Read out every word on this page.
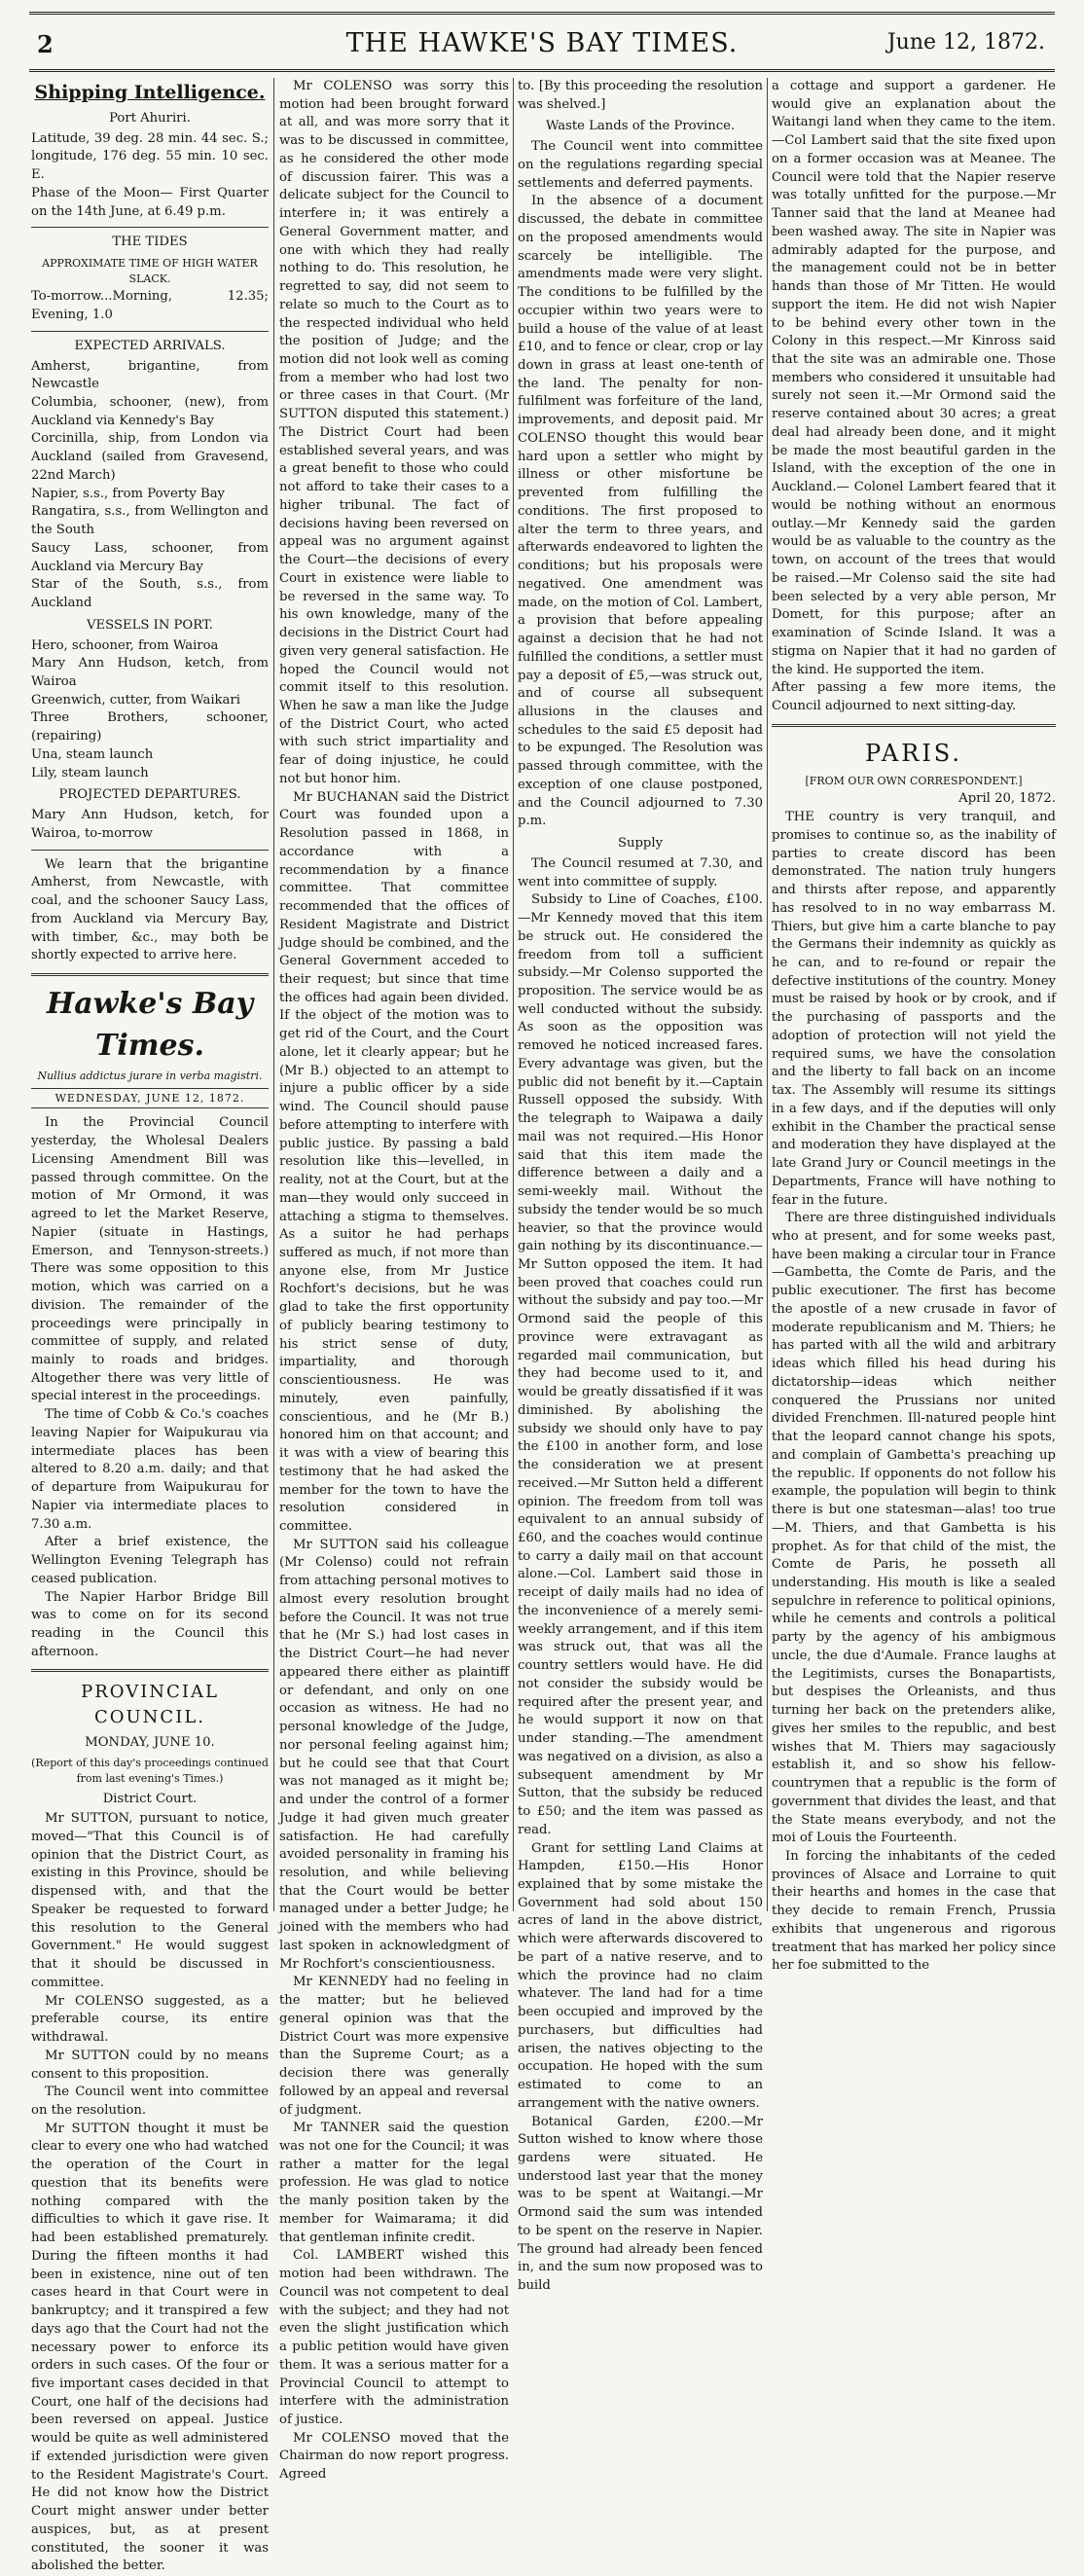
2	THE HAWKE'S BAY TIMES.	June 12, 1872.
Shipping Intelligence.
Port Ahuriri.

Latitude, 39 deg. 28 min. 44 sec. S.; longitude, 176 deg. 55 min. 10 sec. E.

Phase of the Moon— First Quarter on the 14th June, at 6.49 p.m.

THE TIDES
APPROXIMATE TIME OF HIGH WATER SLACK.

To-morrow...Morning, 12.35; Evening, 1.0

EXPECTED ARRIVALS.

Amherst, brigantine, from Newcastle

Columbia, schooner, (new), from Auckland via Kennedy's Bay

Corcinilla, ship, from London via Auckland (sailed from Gravesend, 22nd March)

Napier, s.s., from Poverty Bay

Rangatira, s.s., from Wellington and the South

Saucy Lass, schooner, from Auckland via Mercury Bay

Star of the South, s.s., from Auckland

VESSELS IN PORT.

Hero, schooner, from Wairoa

Mary Ann Hudson, ketch, from Wairoa

Greenwich, cutter, from Waikari

Three Brothers, schooner, (repairing)

Una, steam launch

Lily, steam launch

PROJECTED DEPARTURES.

Mary Ann Hudson, ketch, for Wairoa, to-morrow

We learn that the brigantine Amherst, from Newcastle, with coal, and the schooner Saucy Lass, from Auckland via Mercury Bay, with timber, &c., may both be shortly expected to arrive here.

Hawke's Bay Times.
Nullius addictus jurare in verba magistri.
WEDNESDAY, JUNE 12, 1872.

In the Provincial Council yesterday, the Wholesal Dealers Licensing Amendment Bill was passed through committee. On the motion of Mr Ormond, it was agreed to let the Market Reserve, Napier (situate in Hastings, Emerson, and Tennyson-streets.) There was some opposition to this motion, which was carried on a division. The remainder of the proceedings were principally in committee of supply, and related mainly to roads and bridges. Altogether there was very little of special interest in the proceedings.

The time of Cobb & Co.'s coaches leaving Napier for Waipukurau via intermediate places has been altered to 8.20 a.m. daily; and that of departure from Waipukurau for Napier via intermediate places to 7.30 a.m.

After a brief existence, the Wellington Evening Telegraph has ceased publication.

The Napier Harbor Bridge Bill was to come on for its second reading in the Council this afternoon.

PROVINCIAL COUNCIL.
MONDAY, JUNE 10.
(Report of this day's proceedings continued from last evening's Times.)
District Court.

Mr SUTTON, pursuant to notice, moved—"That this Council is of opinion that the District Court, as existing in this Province, should be dispensed with, and that the Speaker be requested to forward this resolution to the General Government." He would suggest that it should be discussed in committee.

Mr COLENSO suggested, as a preferable course, its entire withdrawal.

Mr SUTTON could by no means consent to this proposition.

The Council went into committee on the resolution.

Mr SUTTON thought it must be clear to every one who had watched the operation of the Court in question that its benefits were nothing compared with the difficulties to which it gave rise. It had been established prematurely. During the fifteen months it had been in existence, nine out of ten cases heard in that Court were in bankruptcy; and it transpired a few days ago that the Court had not the necessary power to enforce its orders in such cases. Of the four or five important cases decided in that Court, one half of the decisions had been reversed on appeal. Justice would be quite as well administered if extended jurisdiction were given to the Resident Magistrate's Court. He did not know how the District Court might answer under better auspices, but, as at present constituted, the sooner it was abolished the better.

Mr COLENSO was sorry this motion had been brought forward at all, and was more sorry that it was to be discussed in committee, as he considered the other mode of discussion fairer. This was a delicate subject for the Council to interfere in; it was entirely a General Government matter, and one with which they had really nothing to do. This resolution, he regretted to say, did not seem to relate so much to the Court as to the respected individual who held the position of Judge; and the motion did not look well as coming from a member who had lost two or three cases in that Court. (Mr SUTTON disputed this statement.) The District Court had been established several years, and was a great benefit to those who could not afford to take their cases to a higher tribunal. The fact of decisions having been reversed on appeal was no argument against the Court—the decisions of every Court in existence were liable to be reversed in the same way. To his own knowledge, many of the decisions in the District Court had given very general satisfaction. He hoped the Council would not commit itself to this resolution. When he saw a man like the Judge of the District Court, who acted with such strict impartiality and fear of doing injustice, he could not but honor him.

Mr BUCHANAN said the District Court was founded upon a Resolution passed in 1868, in accordance with a recommendation by a finance committee. That committee recommended that the offices of Resident Magistrate and District Judge should be combined, and the General Government acceded to their request; but since that time the offices had again been divided. If the object of the motion was to get rid of the Court, and the Court alone, let it clearly appear; but he (Mr B.) objected to an attempt to injure a public officer by a side wind. The Council should pause before attempting to interfere with public justice. By passing a bald resolution like this—levelled, in reality, not at the Court, but at the man—they would only succeed in attaching a stigma to themselves. As a suitor he had perhaps suffered as much, if not more than anyone else, from Mr Justice Rochfort's decisions, but he was glad to take the first opportunity of publicly bearing testimony to his strict sense of duty, impartiality, and thorough conscientiousness. He was minutely, even painfully, conscientious, and he (Mr B.) honored him on that account; and it was with a view of bearing this testimony that he had asked the member for the town to have the resolution considered in committee.

Mr SUTTON said his colleague (Mr Colenso) could not refrain from attaching personal motives to almost every resolution brought before the Council. It was not true that he (Mr S.) had lost cases in the District Court—he had never appeared there either as plaintiff or defendant, and only on one occasion as witness. He had no personal knowledge of the Judge, nor personal feeling against him; but he could see that that Court was not managed as it might be; and under the control of a former Judge it had given much greater satisfaction. He had carefully avoided personality in framing his resolution, and while believing that the Court would be better managed under a better Judge; he joined with the members who had last spoken in acknowledgment of Mr Rochfort's conscientiousness.

Mr KENNEDY had no feeling in the matter; but he believed general opinion was that the District Court was more expensive than the Supreme Court; as a decision there was generally followed by an appeal and reversal of judgment.

Mr TANNER said the question was not one for the Council; it was rather a matter for the legal profession. He was glad to notice the manly position taken by the member for Waimarama; it did that gentleman infinite credit.

Col. LAMBERT wished this motion had been withdrawn. The Council was not competent to deal with the subject; and they had not even the slight justification which a public petition would have given them. It was a serious matter for a Provincial Council to attempt to interfere with the administration of justice.

Mr COLENSO moved that the Chairman do now report progress. Agreed

to. [By this proceeding the resolution was shelved.]

Waste Lands of the Province.

The Council went into committee on the regulations regarding special settlements and deferred payments.

In the absence of a document discussed, the debate in committee on the proposed amendments would scarcely be intelligible. The amendments made were very slight. The conditions to be fulfilled by the occupier within two years were to build a house of the value of at least £10, and to fence or clear, crop or lay down in grass at least one-tenth of the land. The penalty for non-fulfilment was forfeiture of the land, improvements, and deposit paid. Mr COLENSO thought this would bear hard upon a settler who might by illness or other misfortune be prevented from fulfilling the conditions. The first proposed to alter the term to three years, and afterwards endeavored to lighten the conditions; but his proposals were negatived. One amendment was made, on the motion of Col. Lambert, a provision that before appealing against a decision that he had not fulfilled the conditions, a settler must pay a deposit of £5,—was struck out, and of course all subsequent allusions in the clauses and schedules to the said £5 deposit had to be expunged. The Resolution was passed through committee, with the exception of one clause postponed, and the Council adjourned to 7.30 p.m.

Supply

The Council resumed at 7.30, and went into committee of supply.

Subsidy to Line of Coaches, £100.—Mr Kennedy moved that this item be struck out. He considered the freedom from toll a sufficient subsidy.—Mr Colenso supported the proposition. The service would be as well conducted without the subsidy. As soon as the opposition was removed he noticed increased fares. Every advantage was given, but the public did not benefit by it.—Captain Russell opposed the subsidy. With the telegraph to Waipawa a daily mail was not required.—His Honor said that this item made the difference between a daily and a semi-weekly mail. Without the subsidy the tender would be so much heavier, so that the province would gain nothing by its discontinuance.—Mr Sutton opposed the item. It had been proved that coaches could run without the subsidy and pay too.—Mr Ormond said the people of this province were extravagant as regarded mail communication, but they had become used to it, and would be greatly dissatisfied if it was diminished. By abolishing the subsidy we should only have to pay the £100 in another form, and lose the consideration we at present received.—Mr Sutton held a different opinion. The freedom from toll was equivalent to an annual subsidy of £60, and the coaches would continue to carry a daily mail on that account alone.—Col. Lambert said those in receipt of daily mails had no idea of the inconvenience of a merely semi-weekly arrangement, and if this item was struck out, that was all the country settlers would have. He did not consider the subsidy would be required after the present year, and he would support it now on that under standing.—The amendment was negatived on a division, as also a subsequent amendment by Mr Sutton, that the subsidy be reduced to £50; and the item was passed as read.

Grant for settling Land Claims at Hampden, £150.—His Honor explained that by some mistake the Government had sold about 150 acres of land in the above district, which were afterwards discovered to be part of a native reserve, and to which the province had no claim whatever. The land had for a time been occupied and improved by the purchasers, but difficulties had arisen, the natives objecting to the occupation. He hoped with the sum estimated to come to an arrangement with the native owners.

Botanical Garden, £200.—Mr Sutton wished to know where those gardens were situated. He understood last year that the money was to be spent at Waitangi.—Mr Ormond said the sum was intended to be spent on the reserve in Napier. The ground had already been fenced in, and the sum now proposed was to build

a cottage and support a gardener. He would give an explanation about the Waitangi land when they came to the item.—Col Lambert said that the site fixed upon on a former occasion was at Meanee. The Council were told that the Napier reserve was totally unfitted for the purpose.—Mr Tanner said that the land at Meanee had been washed away. The site in Napier was admirably adapted for the purpose, and the management could not be in better hands than those of Mr Titten. He would support the item. He did not wish Napier to be behind every other town in the Colony in this respect.—Mr Kinross said that the site was an admirable one. Those members who considered it unsuitable had surely not seen it.—Mr Ormond said the reserve contained about 30 acres; a great deal had already been done, and it might be made the most beautiful garden in the Island, with the exception of the one in Auckland.— Colonel Lambert feared that it would be nothing without an enormous outlay.—Mr Kennedy said the garden would be as valuable to the country as the town, on account of the trees that would be raised.—Mr Colenso said the site had been selected by a very able person, Mr Domett, for this purpose; after an examination of Scinde Island. It was a stigma on Napier that it had no garden of the kind. He supported the item.

After passing a few more items, the Council adjourned to next sitting-day.

PARIS.
[FROM OUR OWN CORRESPONDENT.]
April 20, 1872.

THE country is very tranquil, and promises to continue so, as the inability of parties to create discord has been demonstrated. The nation truly hungers and thirsts after repose, and apparently has resolved to in no way embarrass M. Thiers, but give him a carte blanche to pay the Germans their indemnity as quickly as he can, and to re-found or repair the defective institutions of the country. Money must be raised by hook or by crook, and if the purchasing of passports and the adoption of protection will not yield the required sums, we have the consolation and the liberty to fall back on an income tax. The Assembly will resume its sittings in a few days, and if the deputies will only exhibit in the Chamber the practical sense and moderation they have displayed at the late Grand Jury or Council meetings in the Departments, France will have nothing to fear in the future.

There are three distinguished individuals who at present, and for some weeks past, have been making a circular tour in France—Gambetta, the Comte de Paris, and the public executioner. The first has become the apostle of a new crusade in favor of moderate republicanism and M. Thiers; he has parted with all the wild and arbitrary ideas which filled his head during his dictatorship—ideas which neither conquered the Prussians nor united divided Frenchmen. Ill-natured people hint that the leopard cannot change his spots, and complain of Gambetta's preaching up the republic. If opponents do not follow his example, the population will begin to think there is but one statesman—alas! too true—M. Thiers, and that Gambetta is his prophet. As for that child of the mist, the Comte de Paris, he posseth all understanding. His mouth is like a sealed sepulchre in reference to political opinions, while he cements and controls a political party by the agency of his ambigmous uncle, the due d'Aumale. France laughs at the Legitimists, curses the Bonapartists, but despises the Orleanists, and thus turning her back on the pretenders alike, gives her smiles to the republic, and best wishes that M. Thiers may sagaciously establish it, and so show his fellow-countrymen that a republic is the form of government that divides the least, and that the State means everybody, and not the moi of Louis the Fourteenth.

In forcing the inhabitants of the ceded provinces of Alsace and Lorraine to quit their hearths and homes in the case that they decide to remain French, Prussia exhibits that ungenerous and rigorous treatment that has marked her policy since her foe submitted to the
